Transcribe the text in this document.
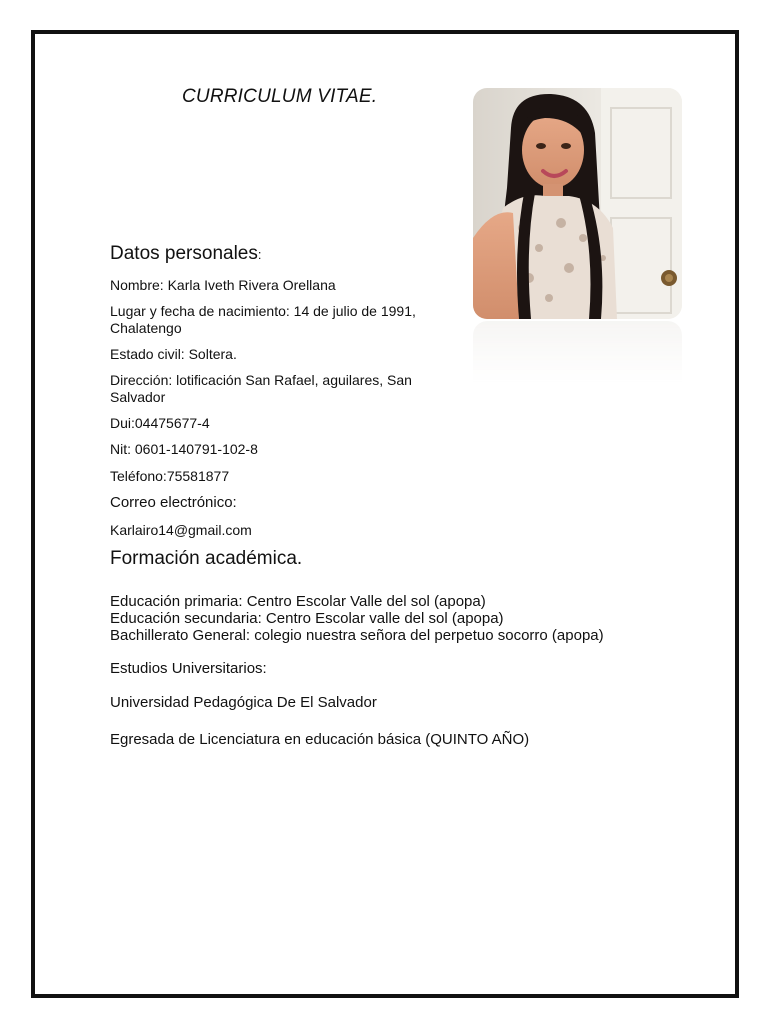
CURRICULUM VITAE.
Datos personales:
Nombre: Karla Iveth Rivera Orellana
Lugar y fecha de nacimiento: 14 de julio de 1991, Chalatengo
Estado civil: Soltera.
Dirección: lotificación San Rafael, aguilares, San Salvador
Dui:04475677-4
Nit: 0601-140791-102-8
Teléfono:75581877
Correo electrónico:
Karlairo14@gmail.com
Formación académica.
Educación primaria: Centro Escolar Valle del sol (apopa)
Educación secundaria: Centro Escolar valle del sol (apopa)
Bachillerato General: colegio nuestra señora del perpetuo socorro (apopa)
Estudios Universitarios:
Universidad Pedagógica De El Salvador
Egresada de Licenciatura en educación básica (QUINTO AÑO)
